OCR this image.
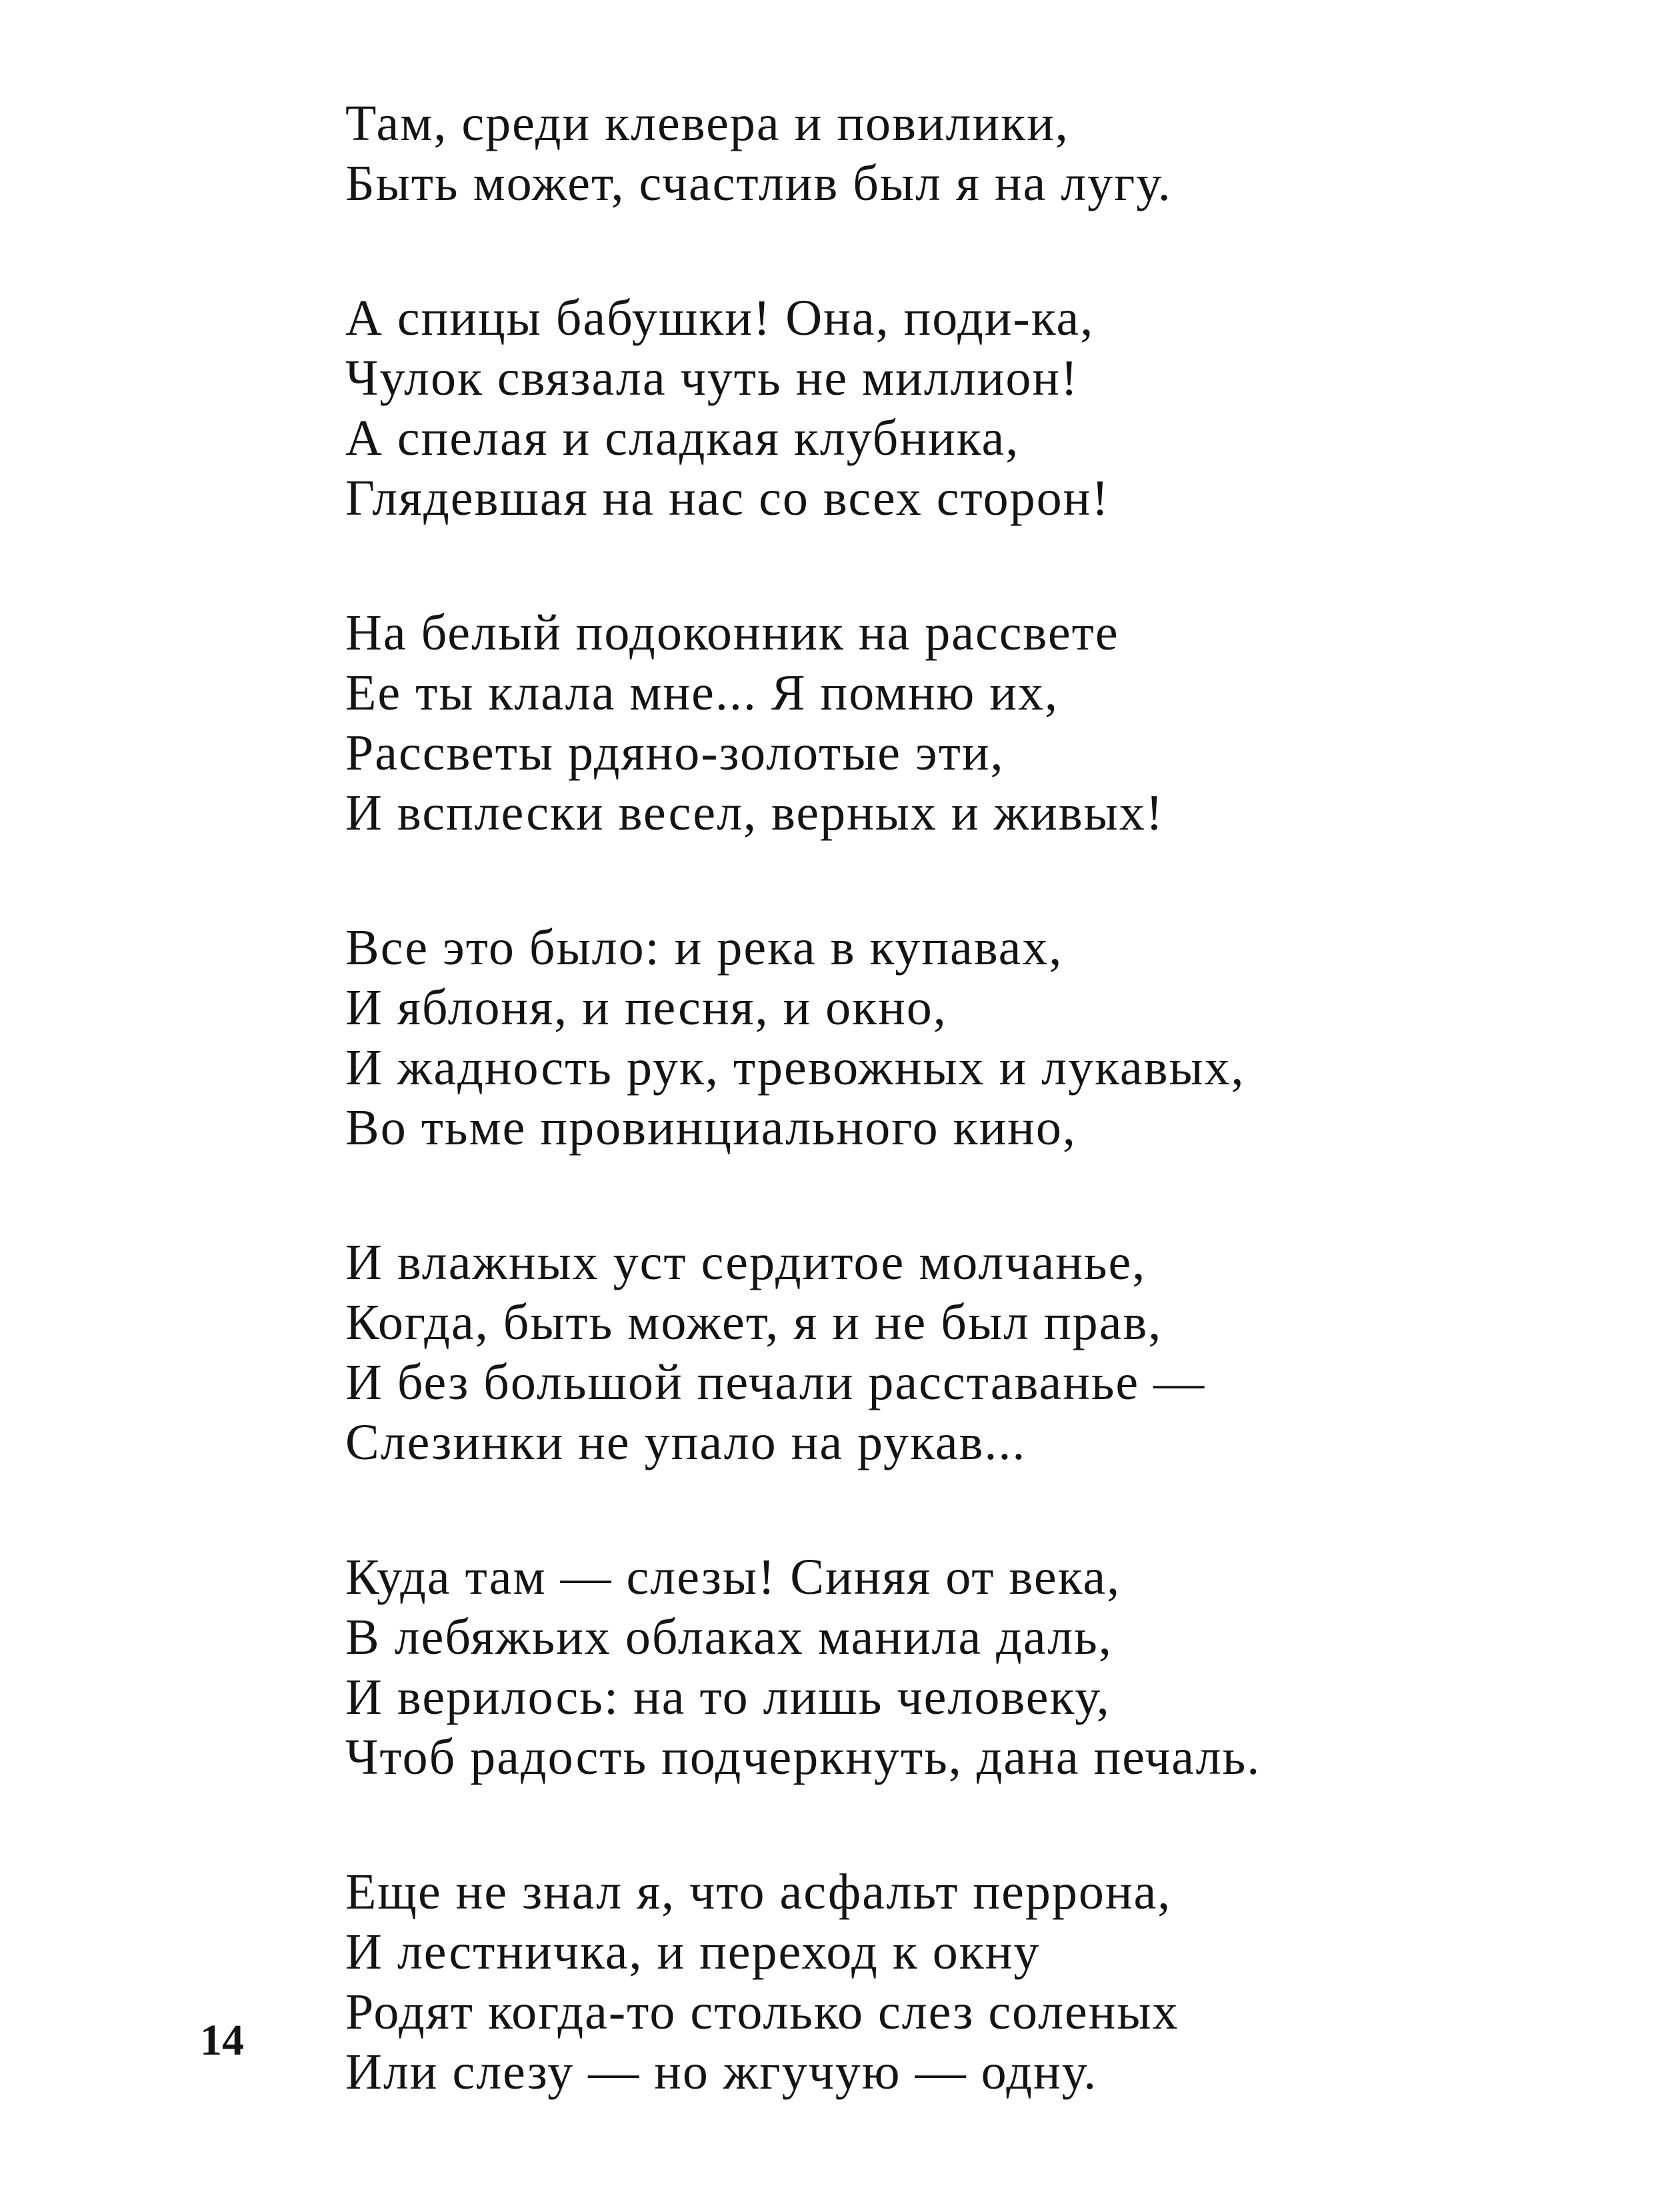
Там, среди клевера и повилики,
Быть может, счастлив был я на лугу.
А спицы бабушки! Она, поди-ка,
Чулок связала чуть не миллион!
А спелая и сладкая клубника,
Глядевшая на нас со всех сторон!
На белый подоконник на рассвете
Ее ты клала мне... Я помню их,
Рассветы рдяно-золотые эти,
И всплески весел, верных и живых!
Все это было: и река в купавах,
И яблоня, и песня, и окно,
И жадность рук, тревожных и лукавых,
Во тьме провинциального кино,
И влажных уст сердитое молчанье,
Когда, быть может, я и не был прав,
И без большой печали расставанье —
Слезинки не упало на рукав...
Куда там — слезы! Синяя от века,
В лебяжьих облаках манила даль,
И верилось: на то лишь человеку,
Чтоб радость подчеркнуть, дана печаль.
Еще не знал я, что асфальт перрона,
И лестничка, и переход к окну
Родят когда-то столько слез соленых
Или слезу — но жгучую — одну.
14
